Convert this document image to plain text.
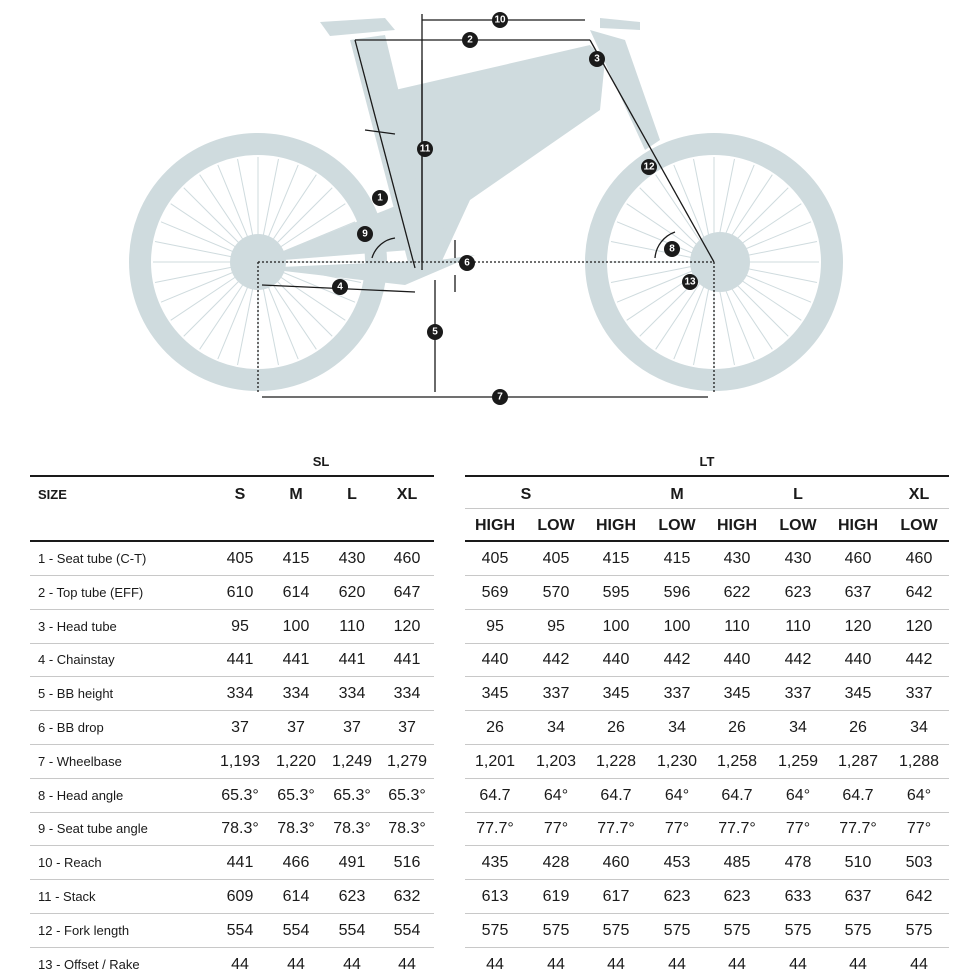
1
2
3
4
5
6
7
8
9
10
11
12
13
SL	LT
SIZE	S	M	L	XL	S	M	L	XL
HIGH	LOW	HIGH	LOW	HIGH	LOW	HIGH	LOW
1 - Seat tube (C-T)	405	415	430	460	405	405	415	415	430	430	460	460
2 - Top tube (EFF)	610	614	620	647	569	570	595	596	622	623	637	642
3 - Head tube	95	100	110	120	95	95	100	100	110	110	120	120
4 - Chainstay	441	441	441	441	440	442	440	442	440	442	440	442
5 - BB height	334	334	334	334	345	337	345	337	345	337	345	337
6 - BB drop	37	37	37	37	26	34	26	34	26	34	26	34
7 - Wheelbase	1,193 1,220 1,249 1,279	1,201	1,203	1,228	1,230	1,258	1,259	1,287	1,288
8 - Head angle	65.3°	65.3°	65.3°	65.3°	64.7	64°	64.7	64°	64.7	64°	64.7	64°
9 - Seat tube angle	78.3°	78.3°	78.3°	78.3°	77.7°	77°	77.7°	77°	77.7°	77°	77.7°	77°
10 - Reach	441	466	491	516	435	428	460	453	485	478	510	503
11 - Stack	609	614	623	632	613	619	617	623	623	633	637	642
12 - Fork length	554	554	554	554	575	575	575	575	575	575	575	575
13 - Offset / Rake	44	44	44	44	44	44	44	44	44	44	44	44
